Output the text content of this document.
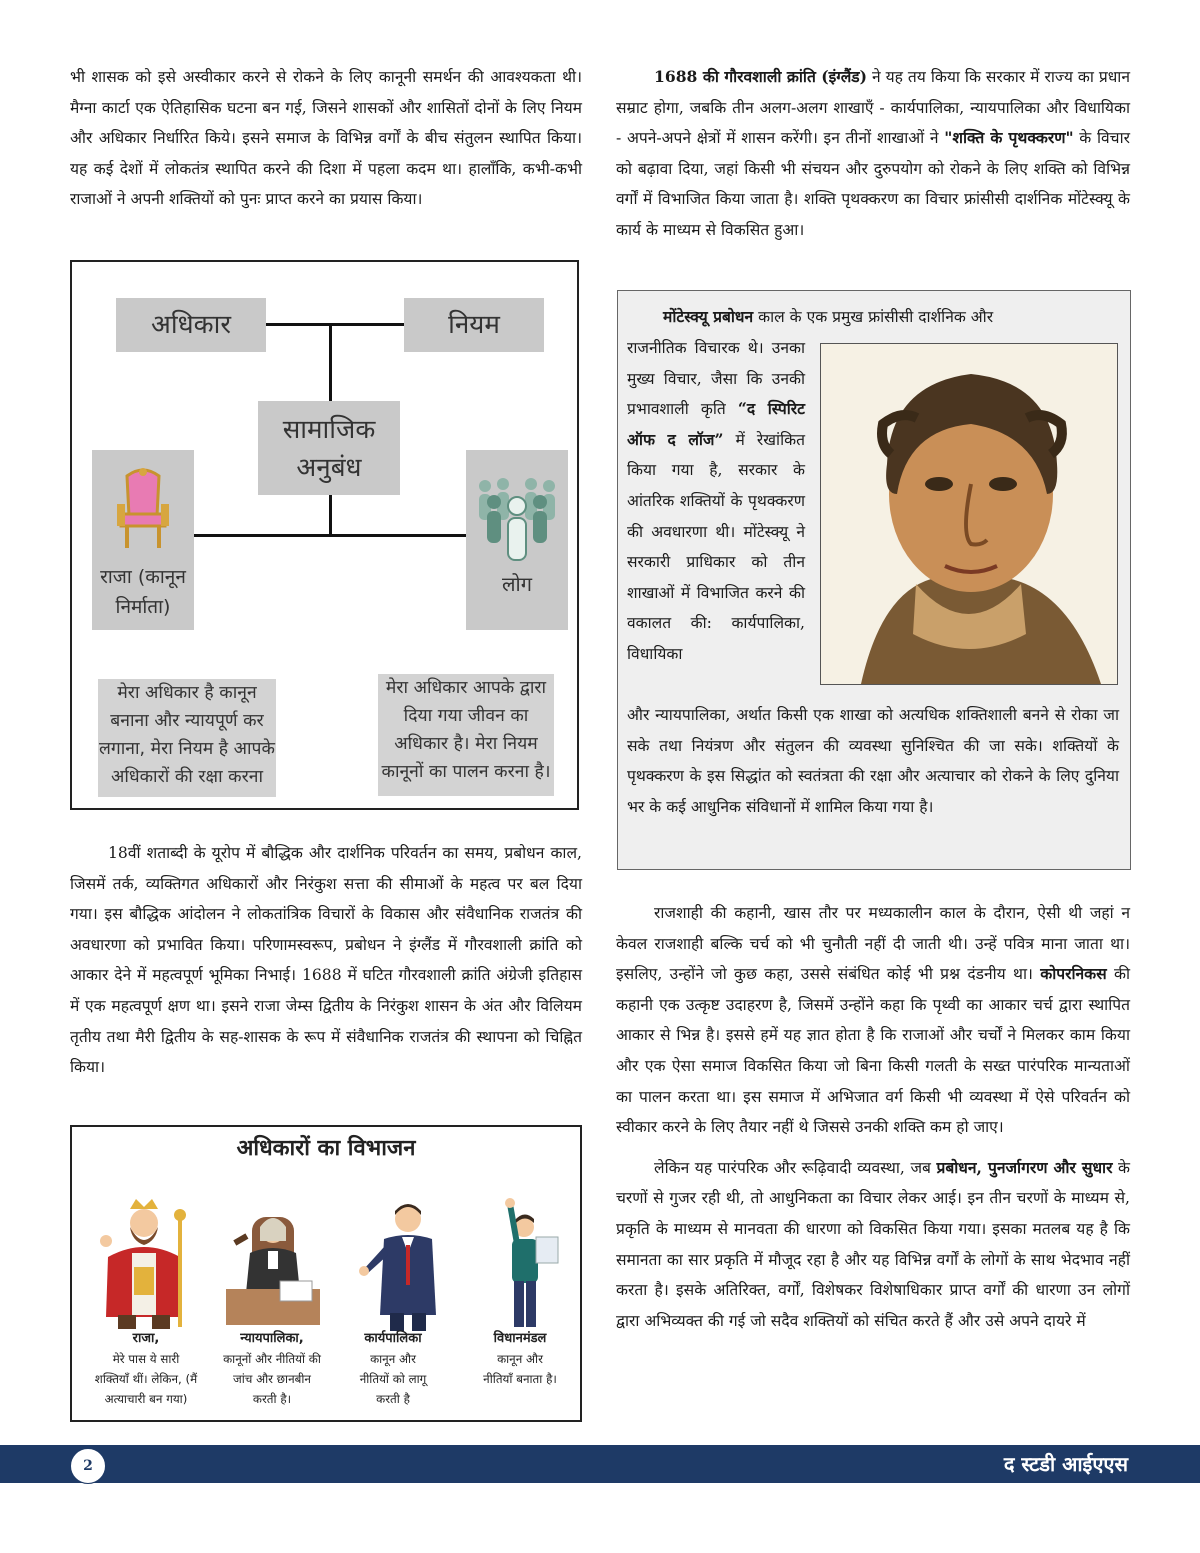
भी शासक को इसे अस्वीकार करने से रोकने के लिए कानूनी समर्थन की आवश्यकता थी। मैग्ना कार्टा एक ऐतिहासिक घटना बन गई, जिसने शासकों और शासितों दोनों के लिए नियम और अधिकार निर्धारित किये। इसने समाज के विभिन्न वर्गों के बीच संतुलन स्थापित किया। यह कई देशों में लोकतंत्र स्थापित करने की दिशा में पहला कदम था। हालाँकि, कभी-कभी राजाओं ने अपनी शक्तियों को पुनः प्राप्त करने का प्रयास किया।

अधिकार	नियम
सामाजिक
अनुबंध
राजा (कानून
निर्माता)
लोग
मेरा अधिकार है कानून
बनाना और न्यायपूर्ण कर
लगाना, मेरा नियम है आपके
अधिकारों की रक्षा करना
मेरा अधिकार आपके द्वारा
दिया गया जीवन का
अधिकार है। मेरा नियम
कानूनों का पालन करना है।

18वीं शताब्दी के यूरोप में बौद्धिक और दार्शनिक परिवर्तन का समय, प्रबोधन काल, जिसमें तर्क, व्यक्तिगत अधिकारों और निरंकुश सत्ता की सीमाओं के महत्व पर बल दिया गया। इस बौद्धिक आंदोलन ने लोकतांत्रिक विचारों के विकास और संवैधानिक राजतंत्र की अवधारणा को प्रभावित किया। परिणामस्वरूप, प्रबोधन ने इंग्लैंड में गौरवशाली क्रांति को आकार देने में महत्वपूर्ण भूमिका निभाई। 1688 में घटित गौरवशाली क्रांति अंग्रेजी इतिहास में एक महत्वपूर्ण क्षण था। इसने राजा जेम्स द्वितीय के निरंकुश शासन के अंत और विलियम तृतीय तथा मैरी द्वितीय के सह-शासक के रूप में संवैधानिक राजतंत्र की स्थापना को चिह्नित किया।

अधिकारों का विभाजन
राजा,
मेरे पास ये सारी
शक्तियाँ थीं। लेकिन, (मैं
अत्याचारी बन गया)
न्यायपालिका,
कानूनों और नीतियों की
जांच और छानबीन
करती है।
कार्यपालिका
कानून और
नीतियों को लागू
करती है
विधानमंडल
कानून और
नीतियाँ बनाता है।

1688 की गौरवशाली क्रांति (इंग्लैंड) ने यह तय किया कि सरकार में राज्य का प्रधान सम्राट होगा, जबकि तीन अलग-अलग शाखाएँ - कार्यपालिका, न्यायपालिका और विधायिका - अपने-अपने क्षेत्रों में शासन करेंगी। इन तीनों शाखाओं ने "शक्ति के पृथक्करण" के विचार को बढ़ावा दिया, जहां किसी भी संचयन और दुरुपयोग को रोकने के लिए शक्ति को विभिन्न वर्गों में विभाजित किया जाता है। शक्ति पृथक्करण का विचार फ्रांसीसी दार्शनिक मोंटेस्क्यू के कार्य के माध्यम से विकसित हुआ।

मोंटेस्क्यू प्रबोधन काल के एक प्रमुख फ्रांसीसी दार्शनिक और
राजनीतिक विचारक थे। उनका मुख्य विचार, जैसा कि उनकी प्रभावशाली कृति “द स्पिरिट ऑफ द लॉज” में रेखांकित किया गया है, सरकार के आंतरिक शक्तियों के पृथक्करण की अवधारणा थी। मोंटेस्क्यू ने सरकारी प्राधिकार को तीन शाखाओं में विभाजित करने की वकालत की: कार्यपालिका, विधायिका
और न्यायपालिका, अर्थात किसी एक शाखा को अत्यधिक शक्तिशाली बनने से रोका जा सके तथा नियंत्रण और संतुलन की व्यवस्था सुनिश्चित की जा सके। शक्तियों के पृथक्करण के इस सिद्धांत को स्वतंत्रता की रक्षा और अत्याचार को रोकने के लिए दुनिया भर के कई आधुनिक संविधानों में शामिल किया गया है।

राजशाही की कहानी, खास तौर पर मध्यकालीन काल के दौरान, ऐसी थी जहां न केवल राजशाही बल्कि चर्च को भी चुनौती नहीं दी जाती थी। उन्हें पवित्र माना जाता था। इसलिए, उन्होंने जो कुछ कहा, उससे संबंधित कोई भी प्रश्न दंडनीय था। कोपरनिकस की कहानी एक उत्कृष्ट उदाहरण है, जिसमें उन्होंने कहा कि पृथ्वी का आकार चर्च द्वारा स्थापित आकार से भिन्न है। इससे हमें यह ज्ञात होता है कि राजाओं और चर्चों ने मिलकर काम किया और एक ऐसा समाज विकसित किया जो बिना किसी गलती के सख्त पारंपरिक मान्यताओं का पालन करता था। इस समाज में अभिजात वर्ग किसी भी व्यवस्था में ऐसे परिवर्तन को स्वीकार करने के लिए तैयार नहीं थे जिससे उनकी शक्ति कम हो जाए।

लेकिन यह पारंपरिक और रूढ़िवादी व्यवस्था, जब प्रबोधन, पुनर्जागरण और सुधार के चरणों से गुजर रही थी, तो आधुनिकता का विचार लेकर आई। इन तीन चरणों के माध्यम से, प्रकृति के माध्यम से मानवता की धारणा को विकसित किया गया। इसका मतलब यह है कि समानता का सार प्रकृति में मौजूद रहा है और यह विभिन्न वर्गों के लोगों के साथ भेदभाव नहीं करता है। इसके अतिरिक्त, वर्गों, विशेषकर विशेषाधिकार प्राप्त वर्गों की धारणा उन लोगों द्वारा अभिव्यक्त की गई जो सदैव शक्तियों को संचित करते हैं और उसे अपने दायरे में

2	द स्टडी आईएएस
